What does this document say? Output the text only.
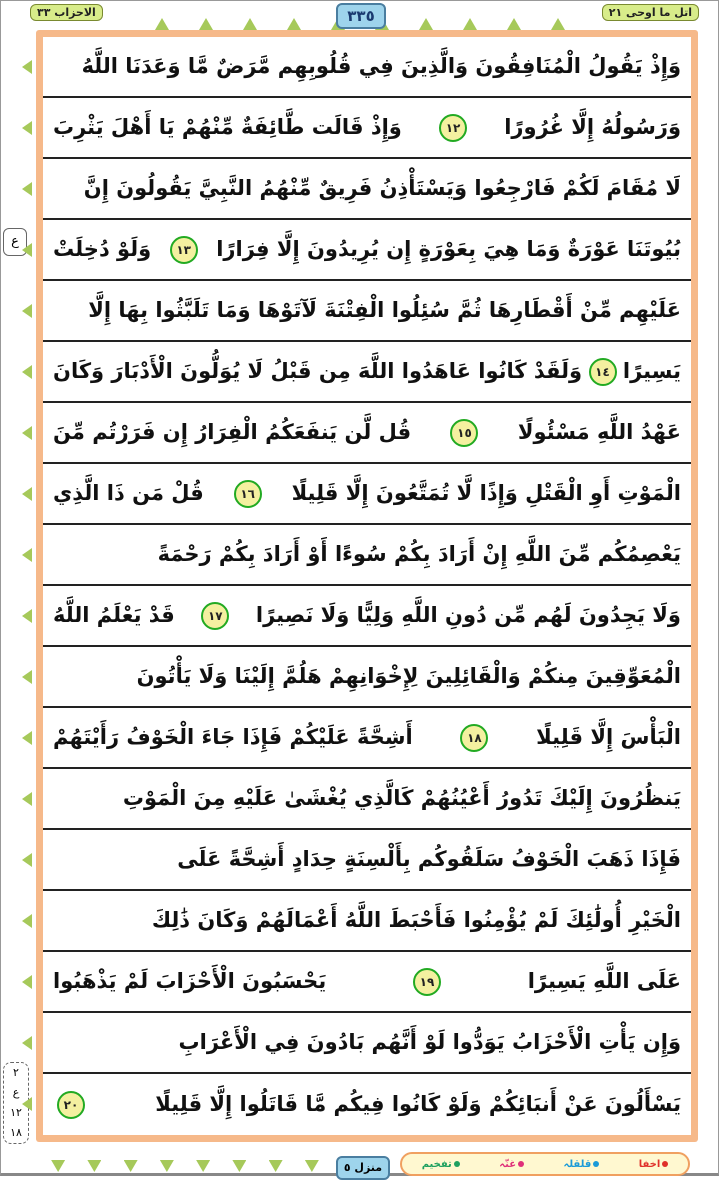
الاحزاب ٣٣	٣٣٥	اتل ما اوحی ٢١
وَإِذْ يَقُولُ الْمُنَافِقُونَ وَالَّذِينَ فِي قُلُوبِهِم مَّرَضٌ مَّا وَعَدَنَا اللَّهُ
وَرَسُولُهُ إِلَّا غُرُورًا
١٢
وَإِذْ قَالَت طَّائِفَةٌ مِّنْهُمْ يَا أَهْلَ يَثْرِبَ
لَا مُقَامَ لَكُمْ فَارْجِعُوا وَيَسْتَأْذِنُ فَرِيقٌ مِّنْهُمُ النَّبِيَّ يَقُولُونَ إِنَّ
بُيُوتَنَا عَوْرَةٌ وَمَا هِيَ بِعَوْرَةٍ إِن يُرِيدُونَ إِلَّا فِرَارًا
١٣
وَلَوْ دُخِلَتْ
عَلَيْهِم مِّنْ أَقْطَارِهَا ثُمَّ سُئِلُوا الْفِتْنَةَ لَآتَوْهَا وَمَا تَلَبَّثُوا بِهَا إِلَّا
يَسِيرًا
١٤
وَلَقَدْ كَانُوا عَاهَدُوا اللَّهَ مِن قَبْلُ لَا يُوَلُّونَ الْأَدْبَارَ وَكَانَ
عَهْدُ اللَّهِ مَسْئُولًا
١٥
قُل لَّن يَنفَعَكُمُ الْفِرَارُ إِن فَرَرْتُم مِّنَ
الْمَوْتِ أَوِ الْقَتْلِ وَإِذًا لَّا تُمَتَّعُونَ إِلَّا قَلِيلًا
١٦
قُلْ مَن ذَا الَّذِي
يَعْصِمُكُم مِّنَ اللَّهِ إِنْ أَرَادَ بِكُمْ سُوءًا أَوْ أَرَادَ بِكُمْ رَحْمَةً
وَلَا يَجِدُونَ لَهُم مِّن دُونِ اللَّهِ وَلِيًّا وَلَا نَصِيرًا
١٧
قَدْ يَعْلَمُ اللَّهُ
الْمُعَوِّقِينَ مِنكُمْ وَالْقَائِلِينَ لِإِخْوَانِهِمْ هَلُمَّ إِلَيْنَا وَلَا يَأْتُونَ
الْبَأْسَ إِلَّا قَلِيلًا
١٨
أَشِحَّةً عَلَيْكُمْ فَإِذَا جَاءَ الْخَوْفُ رَأَيْتَهُمْ
يَنظُرُونَ إِلَيْكَ تَدُورُ أَعْيُنُهُمْ كَالَّذِي يُغْشَىٰ عَلَيْهِ مِنَ الْمَوْتِ
فَإِذَا ذَهَبَ الْخَوْفُ سَلَقُوكُم بِأَلْسِنَةٍ حِدَادٍ أَشِحَّةً عَلَى
الْخَيْرِ أُولَٰئِكَ لَمْ يُؤْمِنُوا فَأَحْبَطَ اللَّهُ أَعْمَالَهُمْ وَكَانَ ذَٰلِكَ
عَلَى اللَّهِ يَسِيرًا
١٩
يَحْسَبُونَ الْأَحْزَابَ لَمْ يَذْهَبُوا
وَإِن يَأْتِ الْأَحْزَابُ يَوَدُّوا لَوْ أَنَّهُم بَادُونَ فِي الْأَعْرَابِ
يَسْأَلُونَ عَنْ أَنبَائِكُمْ وَلَوْ كَانُوا فِيكُم مَّا قَاتَلُوا إِلَّا قَلِيلًا
٢٠
ع
٢
ع
١٢
١٨
منزل ٥	اخفا
قلقلہ
غنّہ
تفخیم
